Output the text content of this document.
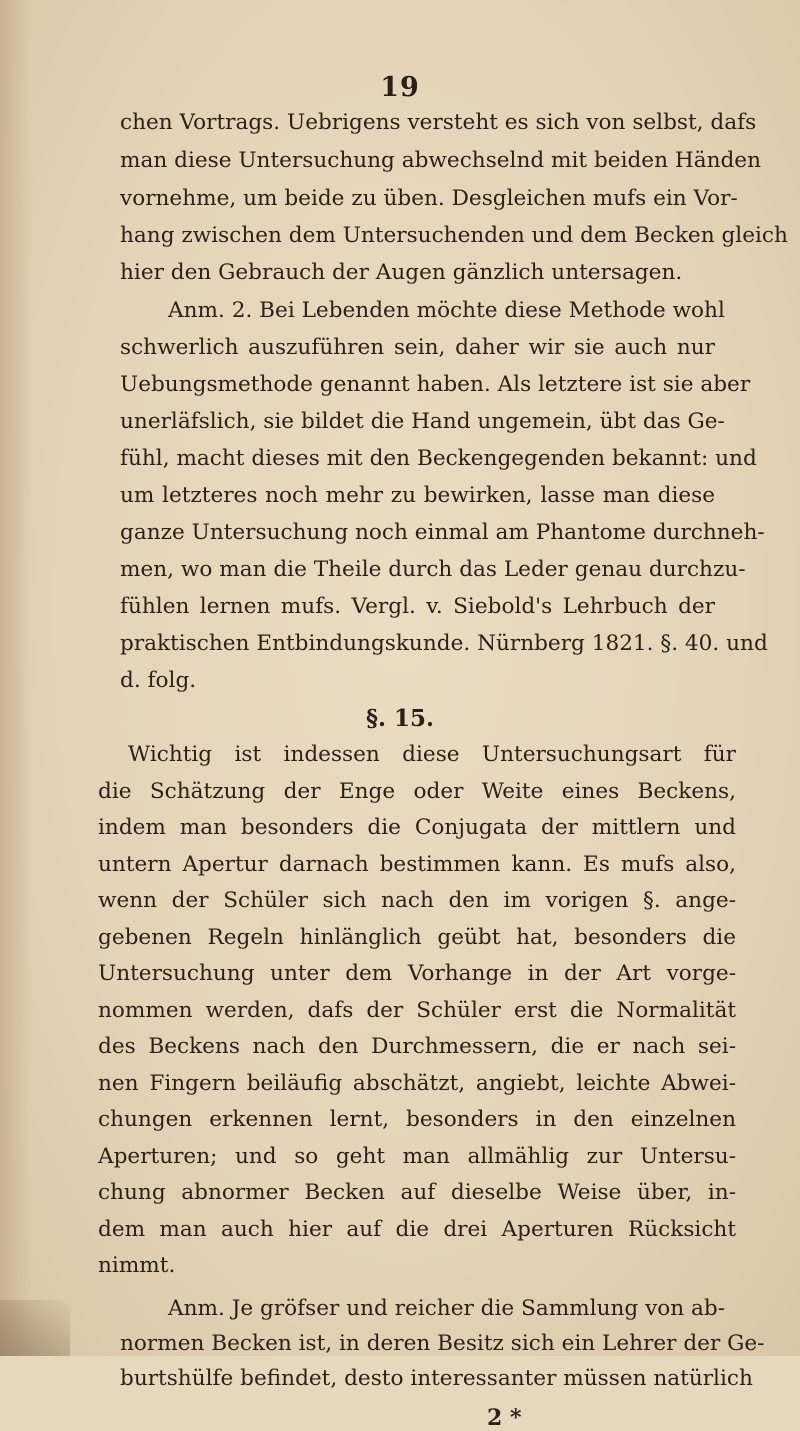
19
chen Vortrags. Uebrigens versteht es sich von selbst, dafs
man diese Untersuchung abwechselnd mit beiden Händen
vornehme, um beide zu üben. Desgleichen mufs ein Vor-
hang zwischen dem Untersuchenden und dem Becken gleich
hier den Gebrauch der Augen gänzlich untersagen.
Anm. 2. Bei Lebenden möchte diese Methode wohl
schwerlich auszuführen sein, daher wir sie auch nur
Uebungsmethode genannt haben. Als letztere ist sie aber
unerläfslich, sie bildet die Hand ungemein, übt das Ge-
fühl, macht dieses mit den Beckengegenden bekannt: und
um letzteres noch mehr zu bewirken, lasse man diese
ganze Untersuchung noch einmal am Phantome durchneh-
men, wo man die Theile durch das Leder genau durchzu-
fühlen lernen mufs. Vergl. v. Siebold's Lehrbuch der
praktischen Entbindungskunde. Nürnberg 1821. §. 40. und
d. folg.
§. 15.
Wichtig ist indessen diese Untersuchungsart für
die Schätzung der Enge oder Weite eines Beckens,
indem man besonders die Conjugata der mittlern und
untern Apertur darnach bestimmen kann. Es mufs also,
wenn der Schüler sich nach den im vorigen §. ange-
gebenen Regeln hinlänglich geübt hat, besonders die
Untersuchung unter dem Vorhange in der Art vorge-
nommen werden, dafs der Schüler erst die Normalität
des Beckens nach den Durchmessern, die er nach sei-
nen Fingern beiläufig abschätzt, angiebt, leichte Abwei-
chungen erkennen lernt, besonders in den einzelnen
Aperturen; und so geht man allmählig zur Untersu-
chung abnormer Becken auf dieselbe Weise über, in-
dem man auch hier auf die drei Aperturen Rücksicht
nimmt.
Anm. Je gröfser und reicher die Sammlung von ab-
normen Becken ist, in deren Besitz sich ein Lehrer der Ge-
burtshülfe befindet, desto interessanter müssen natürlich
2 *
